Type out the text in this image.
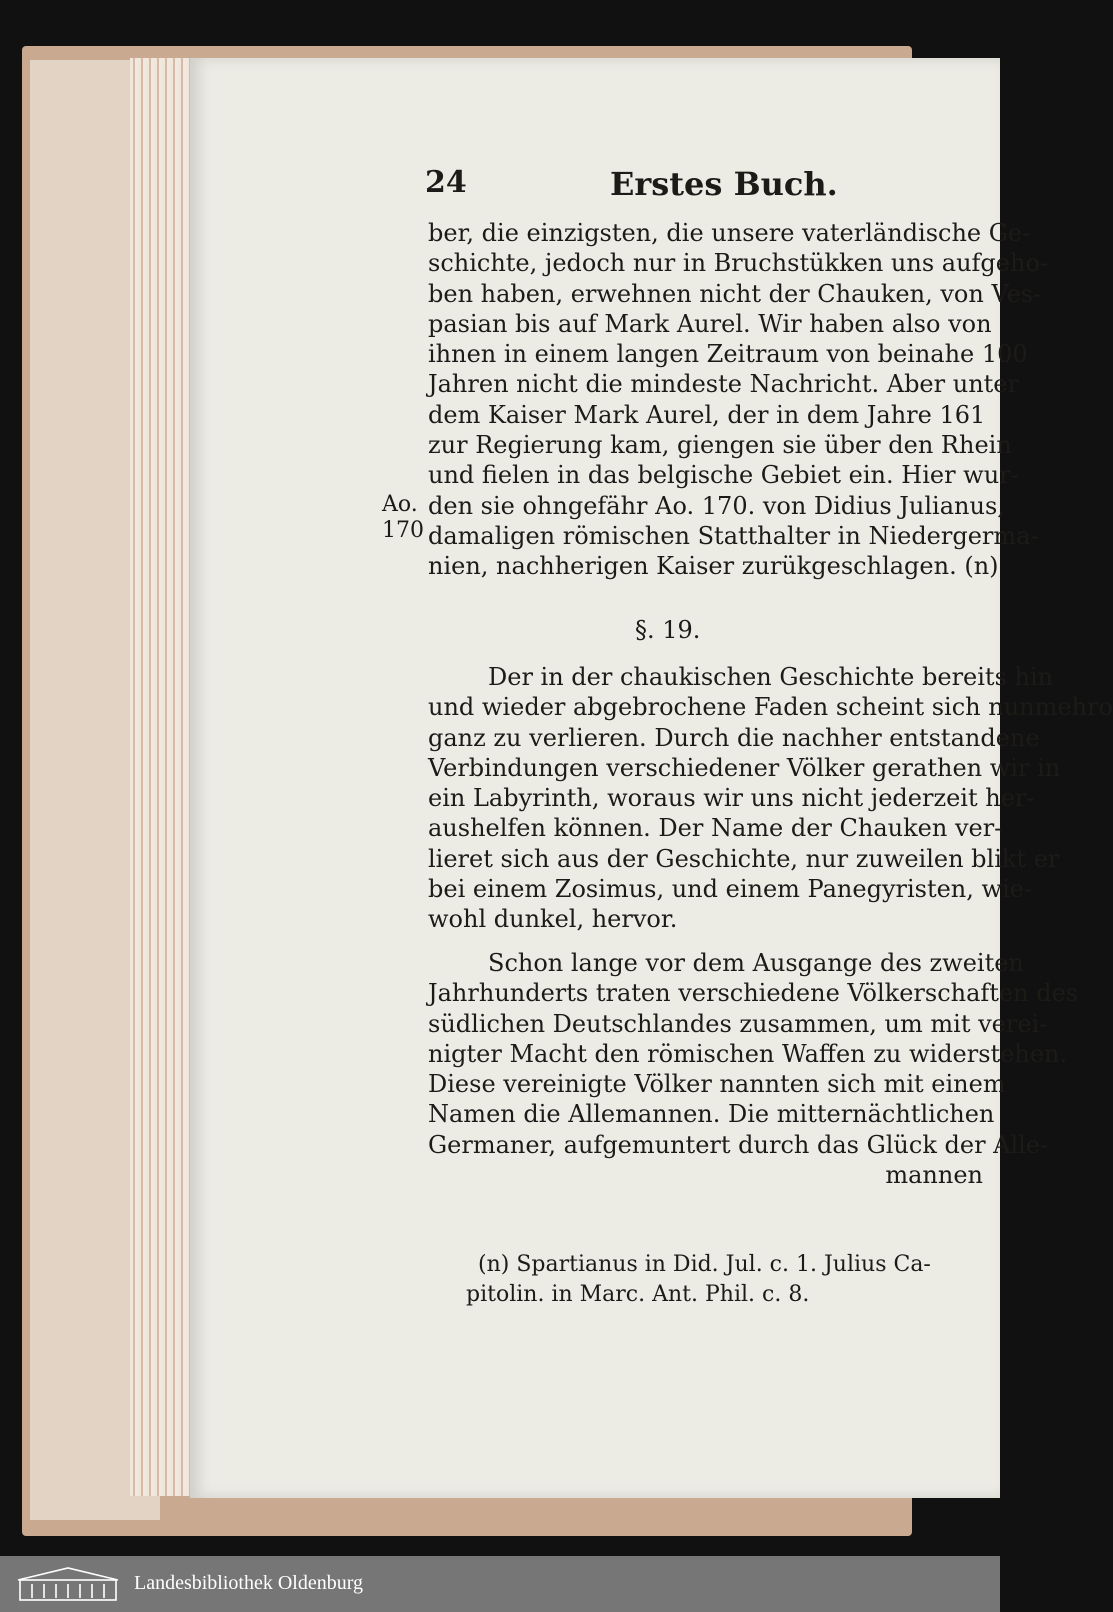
24	Erstes Buch.
ber, die einzigsten, die unsere vaterländische Ge-
schichte, jedoch nur in Bruchstükken uns aufgeho-
ben haben, erwehnen nicht der Chauken, von Ves-
pasian bis auf Mark Aurel. Wir haben also von
ihnen in einem langen Zeitraum von beinahe 100
Jahren nicht die mindeste Nachricht. Aber unter
dem Kaiser Mark Aurel, der in dem Jahre 161
zur Regierung kam, giengen sie über den Rhein
und fielen in das belgische Gebiet ein. Hier wur-
den sie ohngefähr Ao. 170. von Didius Julianus,
damaligen römischen Statthalter in Niedergerma-
nien, nachherigen Kaiser zurükgeschlagen. (n)
Ao.
170
§. 19.
Der in der chaukischen Geschichte bereits hin
und wieder abgebrochene Faden scheint sich nunmehro
ganz zu verlieren. Durch die nachher entstandene
Verbindungen verschiedener Völker gerathen wir in
ein Labyrinth, woraus wir uns nicht jederzeit her-
aushelfen können. Der Name der Chauken ver-
lieret sich aus der Geschichte, nur zuweilen blikt er
bei einem Zosimus, und einem Panegyristen, wie-
wohl dunkel, hervor.
Schon lange vor dem Ausgange des zweiten
Jahrhunderts traten verschiedene Völkerschaften des
südlichen Deutschlandes zusammen, um mit verei-
nigter Macht den römischen Waffen zu widerstehen.
Diese vereinigte Völker nannten sich mit einem
Namen die Allemannen. Die mitternächtlichen
Germaner, aufgemuntert durch das Glück der Alle-
mannen
(n) Spartianus in Did. Jul. c. 1. Julius Ca-
pitolin. in Marc. Ant. Phil. c. 8.
Landesbibliothek Oldenburg
